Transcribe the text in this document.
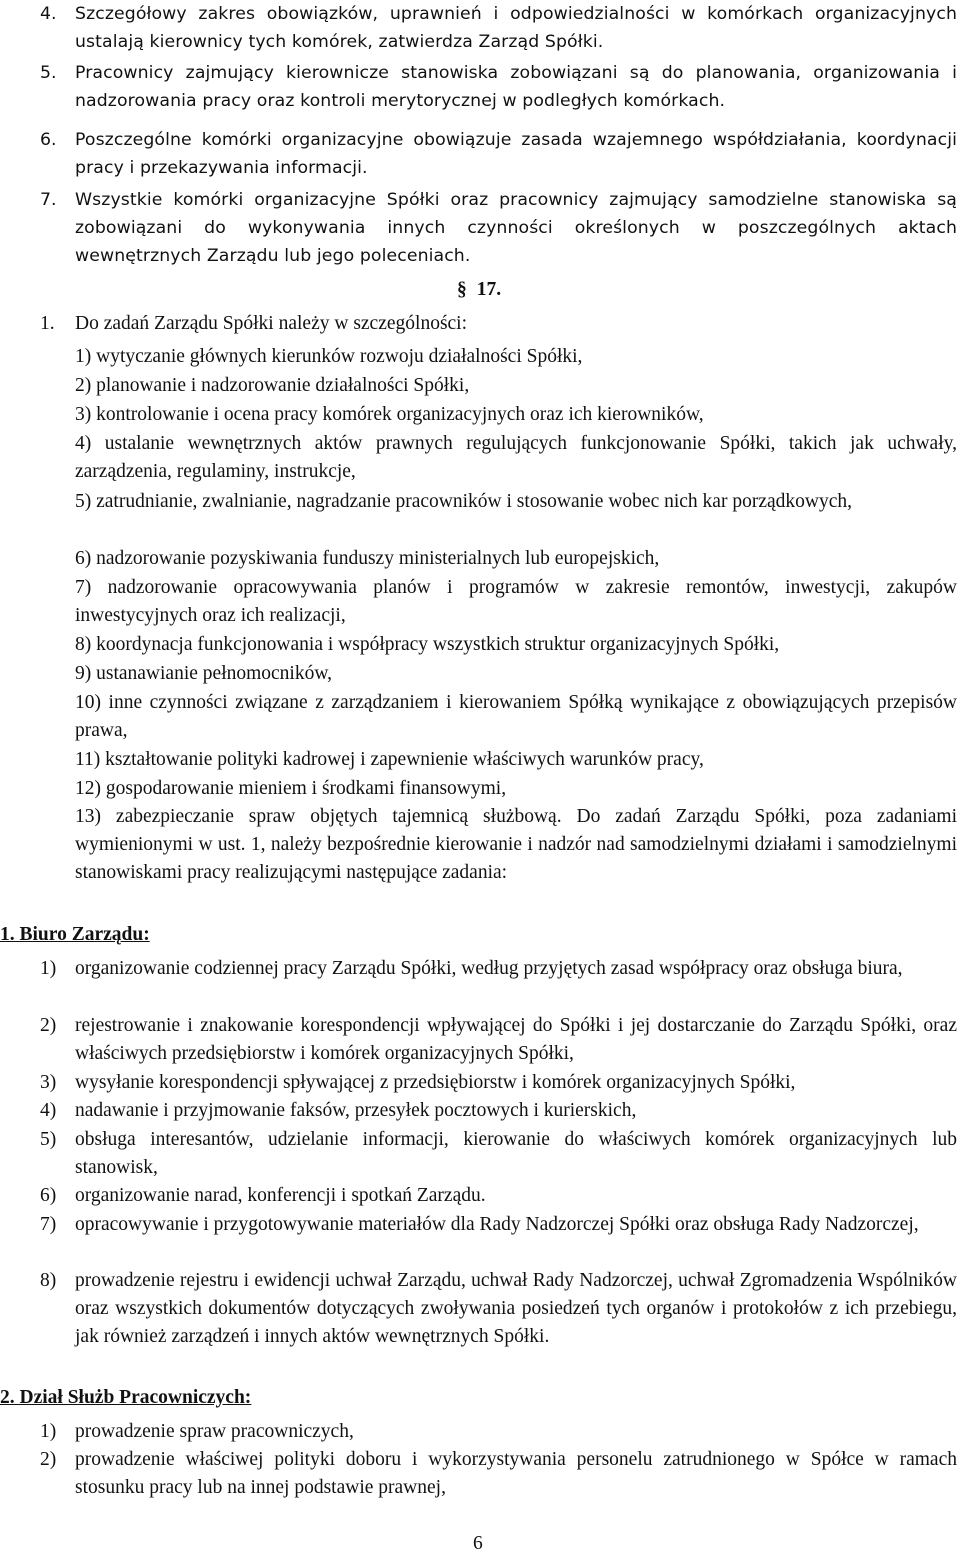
4. Szczegółowy zakres obowiązków, uprawnień i odpowiedzialności w komórkach organizacyjnych ustalają kierownicy tych komórek, zatwierdza Zarząd Spółki.
5. Pracownicy zajmujący kierownicze stanowiska zobowiązani są do planowania, organizowania i nadzorowania pracy oraz kontroli merytorycznej w podległych komórkach.
6. Poszczególne komórki organizacyjne obowiązuje zasada wzajemnego współdziałania, koordynacji pracy i przekazywania informacji.
7. Wszystkie komórki organizacyjne Spółki oraz pracownicy zajmujący samodzielne stanowiska są zobowiązani do wykonywania innych czynności określonych w poszczególnych aktach wewnętrznych Zarządu lub jego poleceniach.
§ 17.
1. Do zadań Zarządu Spółki należy w szczególności:
1) wytyczanie głównych kierunków rozwoju działalności Spółki,
2) planowanie i nadzorowanie działalności Spółki,
3) kontrolowanie i ocena pracy komórek organizacyjnych oraz ich kierowników,
4) ustalanie wewnętrznych aktów prawnych regulujących funkcjonowanie Spółki, takich jak uchwały, zarządzenia, regulaminy, instrukcje,
5) zatrudnianie, zwalnianie, nagradzanie pracowników i stosowanie wobec nich kar porządkowych,
6) nadzorowanie pozyskiwania funduszy ministerialnych lub europejskich,
7) nadzorowanie opracowywania planów i programów w zakresie remontów, inwestycji, zakupów inwestycyjnych oraz ich realizacji,
8) koordynacja funkcjonowania i współpracy wszystkich struktur organizacyjnych Spółki,
9) ustanawianie pełnomocników,
10) inne czynności związane z zarządzaniem i kierowaniem Spółką wynikające z obowiązujących przepisów prawa,
11) kształtowanie polityki kadrowej i zapewnienie właściwych warunków pracy,
12) gospodarowanie mieniem i środkami finansowymi,
13) zabezpieczanie spraw objętych tajemnicą służbową. Do zadań Zarządu Spółki, poza zadaniami wymienionymi w ust. 1, należy bezpośrednie kierowanie i nadzór nad samodzielnymi działami i samodzielnymi stanowiskami pracy realizującymi następujące zadania:
1. Biuro Zarządu:
1) organizowanie codziennej pracy Zarządu Spółki, według przyjętych zasad współpracy oraz obsługa biura,
2) rejestrowanie i znakowanie korespondencji wpływającej do Spółki i jej dostarczanie do Zarządu Spółki, oraz właściwych przedsiębiorstw i komórek organizacyjnych Spółki,
3) wysyłanie korespondencji spływającej z przedsiębiorstw i komórek organizacyjnych Spółki,
4) nadawanie i przyjmowanie faksów, przesyłek pocztowych i kurierskich,
5) obsługa interesantów, udzielanie informacji, kierowanie do właściwych komórek organizacyjnych lub stanowisk,
6) organizowanie narad, konferencji i spotkań Zarządu.
7) opracowywanie i przygotowywanie materiałów dla Rady Nadzorczej Spółki oraz obsługa Rady Nadzorczej,
8) prowadzenie rejestru i ewidencji uchwał Zarządu, uchwał Rady Nadzorczej, uchwał Zgromadzenia Wspólników oraz wszystkich dokumentów dotyczących zwoływania posiedzeń tych organów i protokołów z ich przebiegu, jak również zarządzeń i innych aktów wewnętrznych Spółki.
2. Dział Służb Pracowniczych:
1) prowadzenie spraw pracowniczych,
2) prowadzenie właściwej polityki doboru i wykorzystywania personelu zatrudnionego w Spółce w ramach stosunku pracy lub na innej podstawie prawnej,
6
